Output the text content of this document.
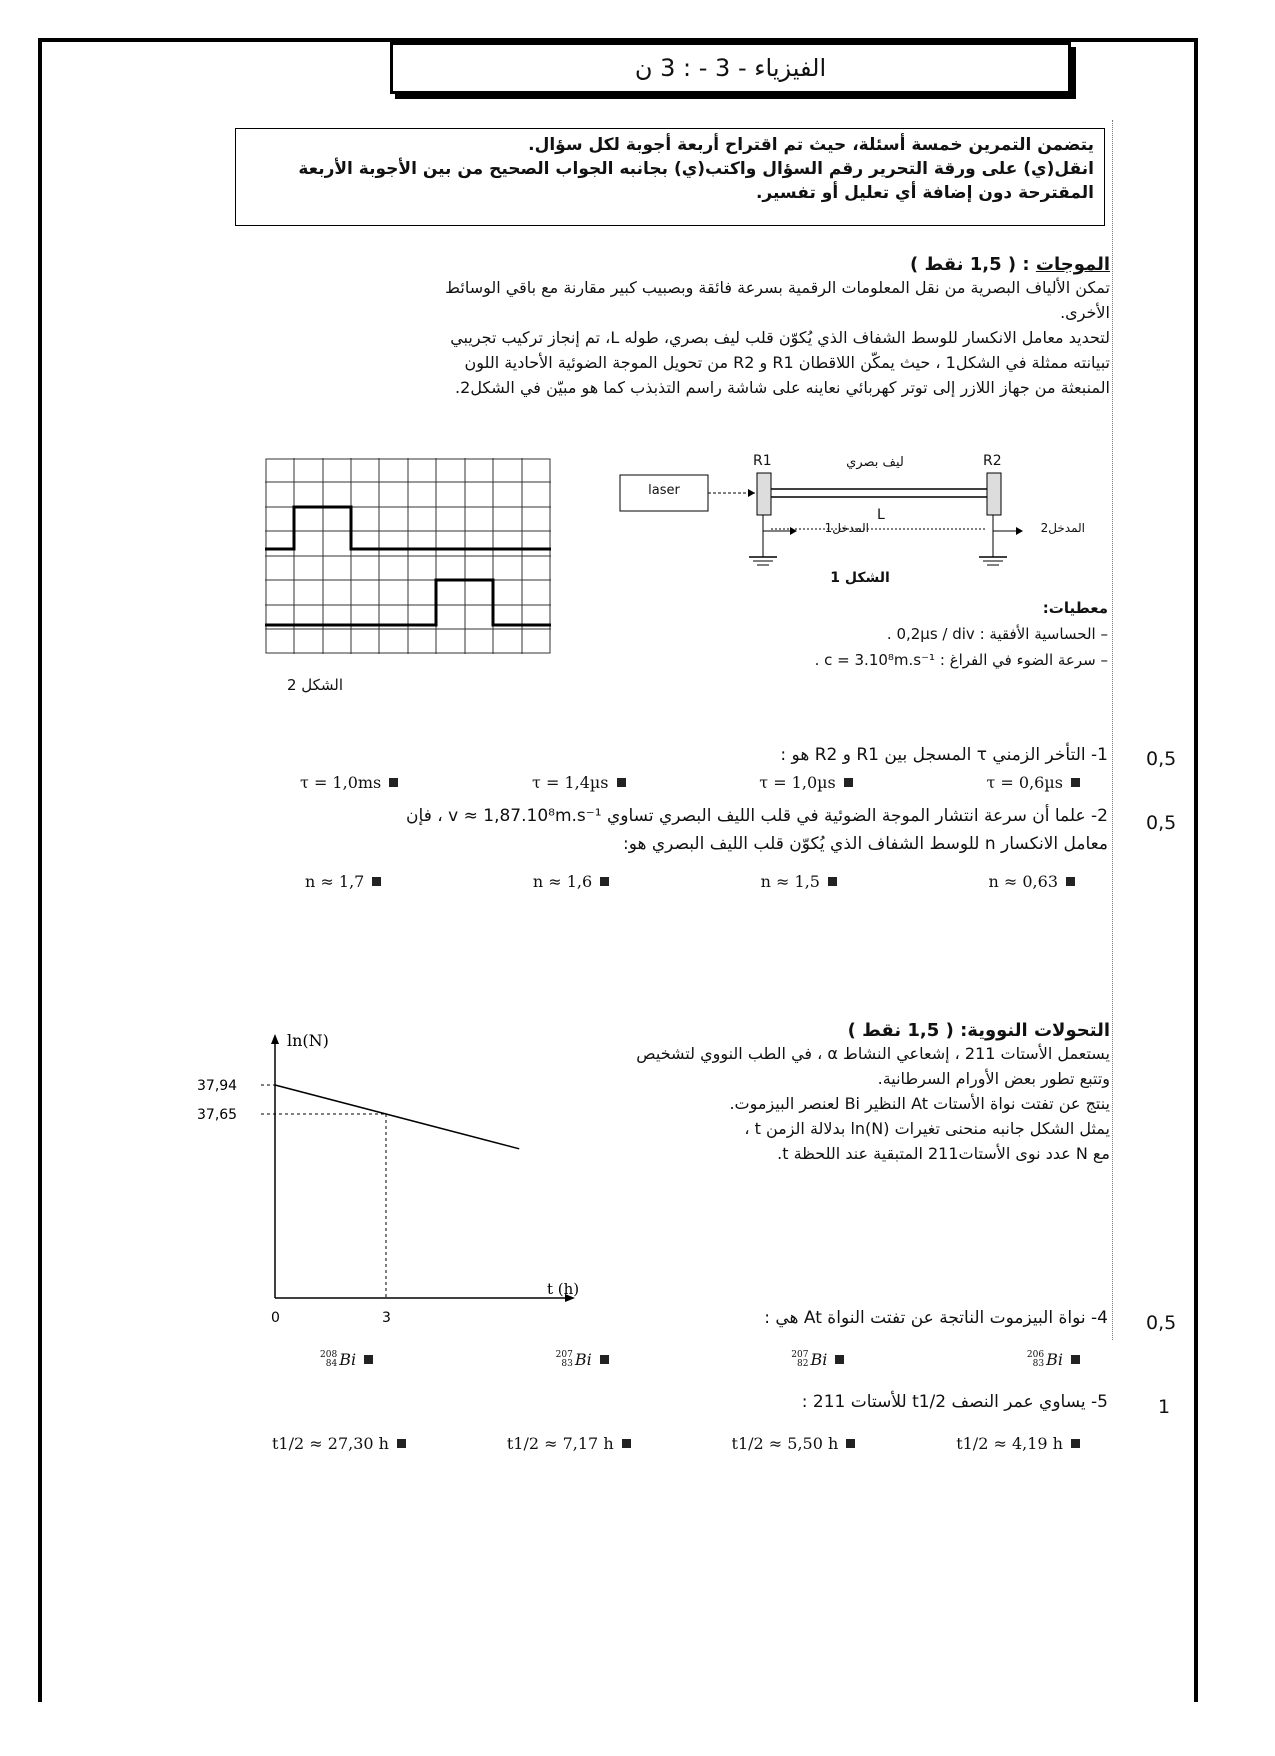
الفيزياء - 3 - : 3 ن
يتضمن التمرين خمسة أسئلة، حيث تم اقتراح أربعة أجوبة لكل سؤال.
انقل(ي) على ورقة التحرير رقم السؤال واكتب(ي) بجانبه الجواب الصحيح من بين الأجوبة الأربعة
المقترحة دون إضافة أي تعليل أو تفسير.
الموجات : ( 1,5 نقط )

تمكن الألياف البصرية من نقل المعلومات الرقمية بسرعة فائقة وبصبيب كبير مقارنة مع باقي الوسائط

الأخرى.

لتحديد معامل الانكسار للوسط الشفاف الذي يُكوّن قلب ليف بصري، طوله L، تم إنجاز تركيب تجريبي

تبيانته ممثلة في الشكل1 ، حيث يمكّن اللاقطان R1 و R2 من تحويل الموجة الضوئية الأحادية اللون

المنبعثة من جهاز اللازر إلى توتر كهربائي نعاينه على شاشة راسم التذبذب كما هو مبيّن في الشكل2.

الشكل 2
laser
R1	R2
ليف بصري
L
المدخل1	المدخل2
الشكل 1
معطيات:
– الحساسية الأفقية : 0,2µs / div .
– سرعة الضوء في الفراغ : c = 3.10⁸m.s⁻¹ .
0,5
1- التأخر الزمني τ المسجل بين R1 و R2 هو :
τ = 1,0ms	τ = 1,4µs	τ = 1,0µs	τ = 0,6µs
0,5
2- علما أن سرعة انتشار الموجة الضوئية في قلب الليف البصري تساوي v ≈ 1,87.10⁸m.s⁻¹ ، فإن
معامل الانكسار n للوسط الشفاف الذي يُكوّن قلب الليف البصري هو:
n ≈ 1,7	n ≈ 1,6	n ≈ 1,5	n ≈ 0,63
التحولات النووية: ( 1,5 نقط )

يستعمل الأستات 211 ، إشعاعي النشاط α ، في الطب النووي لتشخيص

وتتبع تطور بعض الأورام السرطانية.

ينتج عن تفتت نواة الأستات At النظير Bi لعنصر البيزموت.

يمثل الشكل جانبه منحنى تغيرات ln(N) بدلالة الزمن t ،

مع N عدد نوى الأستات211 المتبقية عند اللحظة t.

ln(N)
t (h)
37,94
37,65
0	3	0,5
4- نواة البيزموت الناتجة عن تفتت النواة At هي :
208
84 Bi	207
83 Bi	207
82 Bi	206
83 Bi
1
5- يساوي عمر النصف t1/2 للأستات 211 :
t1/2 ≈ 27,30 h	t1/2 ≈ 7,17 h	t1/2 ≈ 5,50 h	t1/2 ≈ 4,19 h
